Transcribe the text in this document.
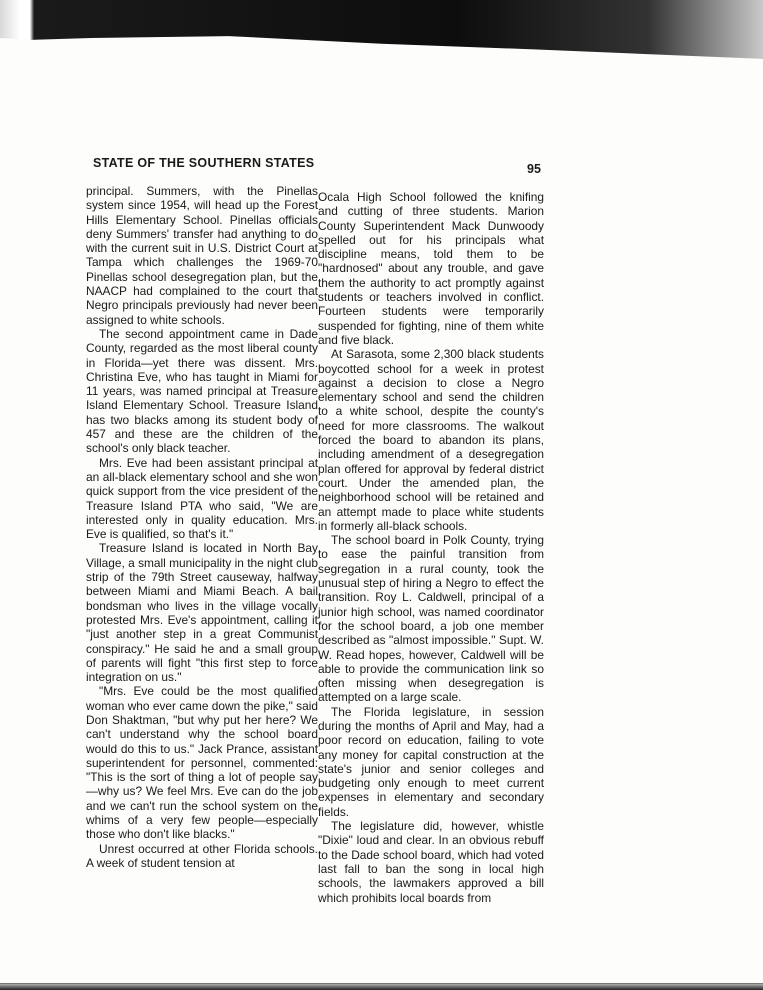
STATE OF THE SOUTHERN STATES	95

principal. Summers, with the Pinellas system since 1954, will head up the Forest Hills Elementary School. Pinellas officials deny Summers' transfer had anything to do with the current suit in U.S. District Court at Tampa which challenges the 1969-70 Pinellas school desegregation plan, but the NAACP had complained to the court that Negro principals previously had never been assigned to white schools.

The second appointment came in Dade County, regarded as the most liberal county in Florida—yet there was dissent. Mrs. Christina Eve, who has taught in Miami for 11 years, was named principal at Treasure Island Elementary School. Treasure Island has two blacks among its student body of 457 and these are the children of the school's only black teacher.

Mrs. Eve had been assistant principal at an all-black elementary school and she won quick support from the vice president of the Treasure Island PTA who said, "We are interested only in quality education. Mrs. Eve is qualified, so that's it."

Treasure Island is located in North Bay Village, a small municipality in the night club strip of the 79th Street causeway, halfway between Miami and Miami Beach. A bail bondsman who lives in the village vocally protested Mrs. Eve's appointment, calling it "just another step in a great Communist conspiracy." He said he and a small group of parents will fight "this first step to force integration on us."

"Mrs. Eve could be the most qualified woman who ever came down the pike," said Don Shaktman, "but why put her here? We can't understand why the school board would do this to us." Jack Prance, assistant superintendent for personnel, commented: "This is the sort of thing a lot of people say—why us? We feel Mrs. Eve can do the job and we can't run the school system on the whims of a very few people—especially those who don't like blacks."

Unrest occurred at other Florida schools. A week of student tension at

Ocala High School followed the knifing and cutting of three students. Marion County Superintendent Mack Dunwoody spelled out for his principals what discipline means, told them to be "hardnosed" about any trouble, and gave them the authority to act promptly against students or teachers involved in conflict. Fourteen students were temporarily suspended for fighting, nine of them white and five black.

At Sarasota, some 2,300 black students boycotted school for a week in protest against a decision to close a Negro elementary school and send the children to a white school, despite the county's need for more classrooms. The walkout forced the board to abandon its plans, including amendment of a desegregation plan offered for approval by federal district court. Under the amended plan, the neighborhood school will be retained and an attempt made to place white students in formerly all-black schools.

The school board in Polk County, trying to ease the painful transition from segregation in a rural county, took the unusual step of hiring a Negro to effect the transition. Roy L. Caldwell, principal of a junior high school, was named coordinator for the school board, a job one member described as "almost impossible." Supt. W. W. Read hopes, however, Caldwell will be able to provide the communication link so often missing when desegregation is attempted on a large scale.

The Florida legislature, in session during the months of April and May, had a poor record on education, failing to vote any money for capital construction at the state's junior and senior colleges and budgeting only enough to meet current expenses in elementary and secondary fields.

The legislature did, however, whistle "Dixie" loud and clear. In an obvious rebuff to the Dade school board, which had voted last fall to ban the song in local high schools, the lawmakers approved a bill which prohibits local boards from
